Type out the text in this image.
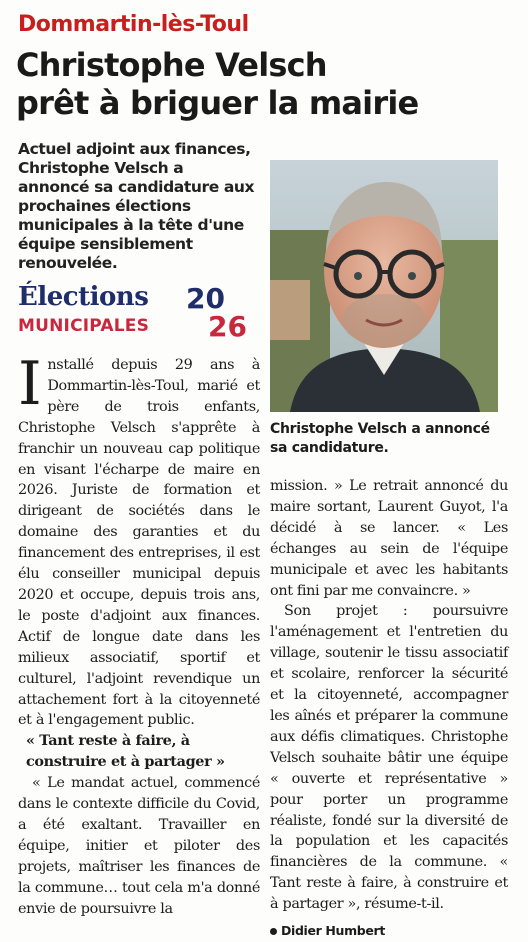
Dommartin-lès-Toul
Christophe Velsch
prêt à briguer la mairie
Actuel adjoint aux finances, Christophe Velsch a annoncé sa candidature aux prochaines élections municipales à la tête d'une équipe sensiblement renouvelée.
Élections
MUNICIPALES
20
26
Christophe Velsch a annoncé sa candidature.

Installé depuis 29 ans à Dommartin-lès-Toul, marié et père de trois enfants, Christophe Velsch s'apprête à franchir un nouveau cap politique en visant l'écharpe de maire en 2026. Juriste de formation et dirigeant de sociétés dans le domaine des garanties et du financement des entreprises, il est élu conseiller municipal depuis 2020 et occupe, depuis trois ans, le poste d'adjoint aux finances. Actif de longue date dans les milieux associatif, sportif et culturel, l'adjoint revendique un attachement fort à la citoyenneté et à l'engagement public.

« Tant reste à faire, à construire et à partager »

« Le mandat actuel, commencé dans le contexte difficile du Covid, a été exaltant. Travailler en équipe, initier et piloter des projets, maîtriser les finances de la commune… tout cela m'a donné envie de poursuivre la

mission. » Le retrait annoncé du maire sortant, Laurent Guyot, l'a décidé à se lancer. « Les échanges au sein de l'équipe municipale et avec les habitants ont fini par me convaincre. »

Son projet : poursuivre l'aménagement et l'entretien du village, soutenir le tissu associatif et scolaire, renforcer la sécurité et la citoyenneté, accompagner les aînés et préparer la commune aux défis climatiques. Christophe Velsch souhaite bâtir une équipe « ouverte et représentative » pour porter un programme réaliste, fondé sur la diversité de la population et les capacités financières de la commune. « Tant reste à faire, à construire et à partager », résume-t-il.

Didier Humbert
